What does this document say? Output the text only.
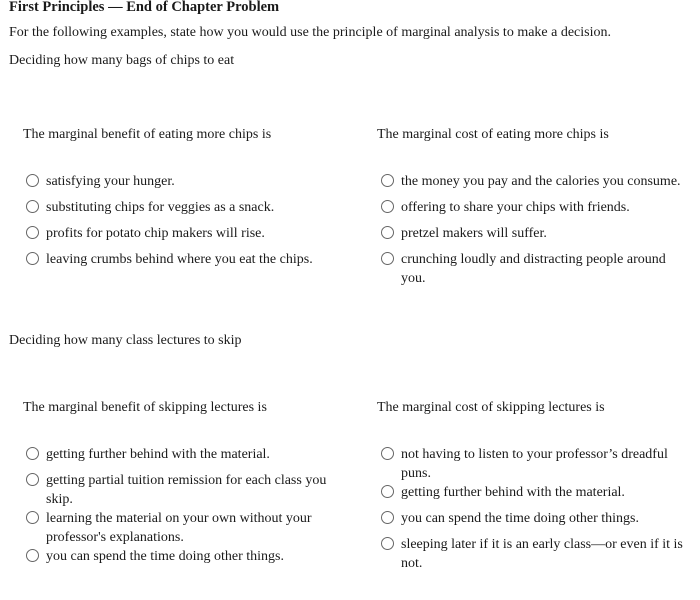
First Principles — End of Chapter Problem
For the following examples, state how you would use the principle of marginal analysis to make a decision.
Deciding how many bags of chips to eat
The marginal benefit of eating more chips is
satisfying your hunger.
substituting chips for veggies as a snack.
profits for potato chip makers will rise.
leaving crumbs behind where you eat the chips.
The marginal cost of eating more chips is
the money you pay and the calories you consume.
offering to share your chips with friends.
pretzel makers will suffer.
crunching loudly and distracting people around you.
Deciding how many class lectures to skip
The marginal benefit of skipping lectures is
getting further behind with the material.
getting partial tuition remission for each class you skip.
learning the material on your own without your professor's explanations.
you can spend the time doing other things.
The marginal cost of skipping lectures is
not having to listen to your professor’s dreadful puns.
getting further behind with the material.
you can spend the time doing other things.
sleeping later if it is an early class—or even if it is not.
